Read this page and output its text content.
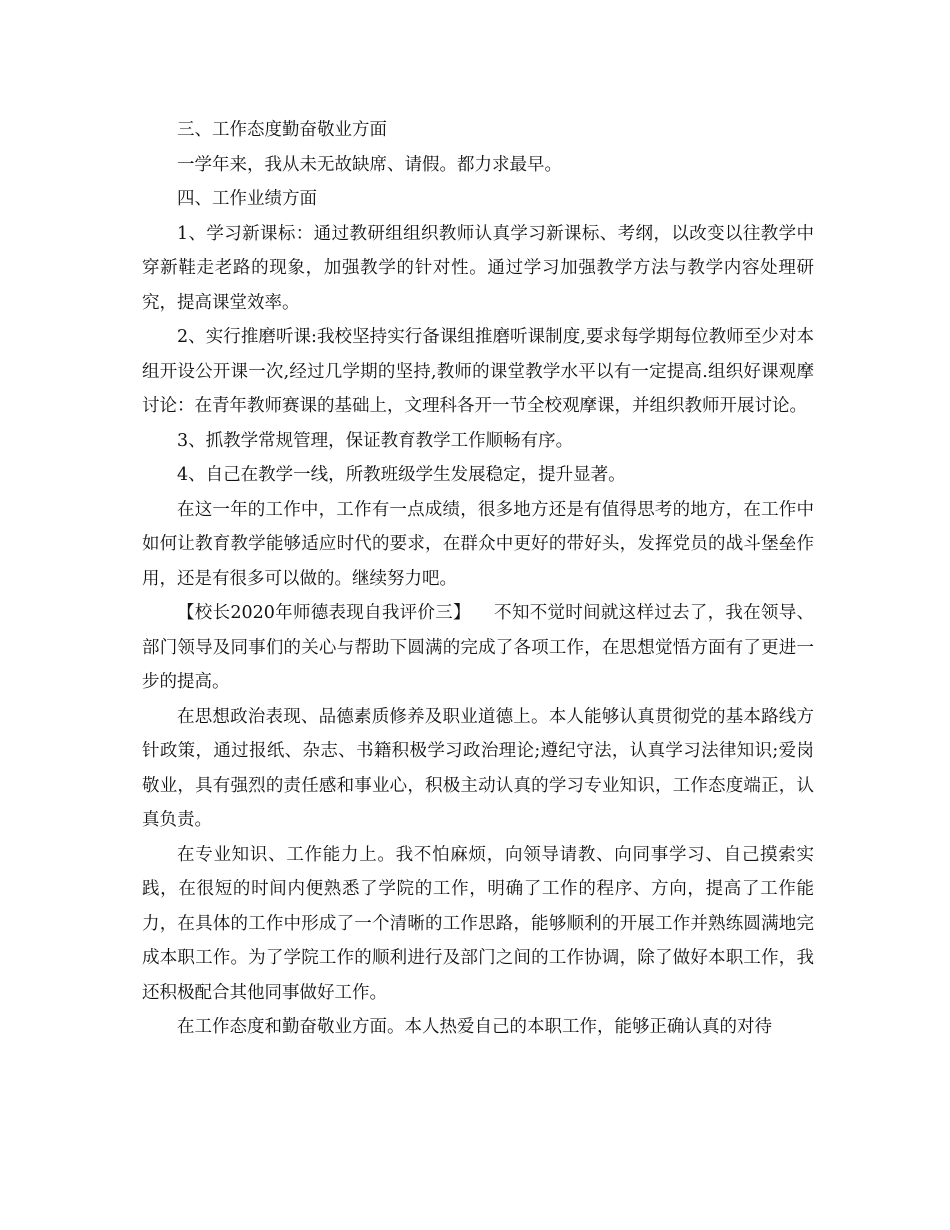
三、工作态度勤奋敬业方面

一学年来，我从未无故缺席、请假。都力求最早。

四、工作业绩方面

1、学习新课标：通过教研组组织教师认真学习新课标、考纲，以改变以往教学中穿新鞋走老路的现象，加强教学的针对性。通过学习加强教学方法与教学内容处理研究，提高课堂效率。

2、实行推磨听课:我校坚持实行备课组推磨听课制度,要求每学期每位教师至少对本组开设公开课一次,经过几学期的坚持,教师的课堂教学水平以有一定提高.组织好课观摩讨论：在青年教师赛课的基础上，文理科各开一节全校观摩课，并组织教师开展讨论。

3、抓教学常规管理，保证教育教学工作顺畅有序。

4、自己在教学一线，所教班级学生发展稳定，提升显著。

在这一年的工作中，工作有一点成绩，很多地方还是有值得思考的地方，在工作中如何让教育教学能够适应时代的要求，在群众中更好的带好头，发挥党员的战斗堡垒作用，还是有很多可以做的。继续努力吧。

【校长2020年师德表现自我评价三】    不知不觉时间就这样过去了，我在领导、部门领导及同事们的关心与帮助下圆满的完成了各项工作，在思想觉悟方面有了更进一步的提高。

在思想政治表现、品德素质修养及职业道德上。本人能够认真贯彻党的基本路线方针政策，通过报纸、杂志、书籍积极学习政治理论;遵纪守法，认真学习法律知识;爱岗敬业，具有强烈的责任感和事业心，积极主动认真的学习专业知识，工作态度端正，认真负责。

在专业知识、工作能力上。我不怕麻烦，向领导请教、向同事学习、自己摸索实践，在很短的时间内便熟悉了学院的工作，明确了工作的程序、方向，提高了工作能力，在具体的工作中形成了一个清晰的工作思路，能够顺利的开展工作并熟练圆满地完成本职工作。为了学院工作的顺利进行及部门之间的工作协调，除了做好本职工作，我还积极配合其他同事做好工作。

在工作态度和勤奋敬业方面。本人热爱自己的本职工作，能够正确认真的对待
